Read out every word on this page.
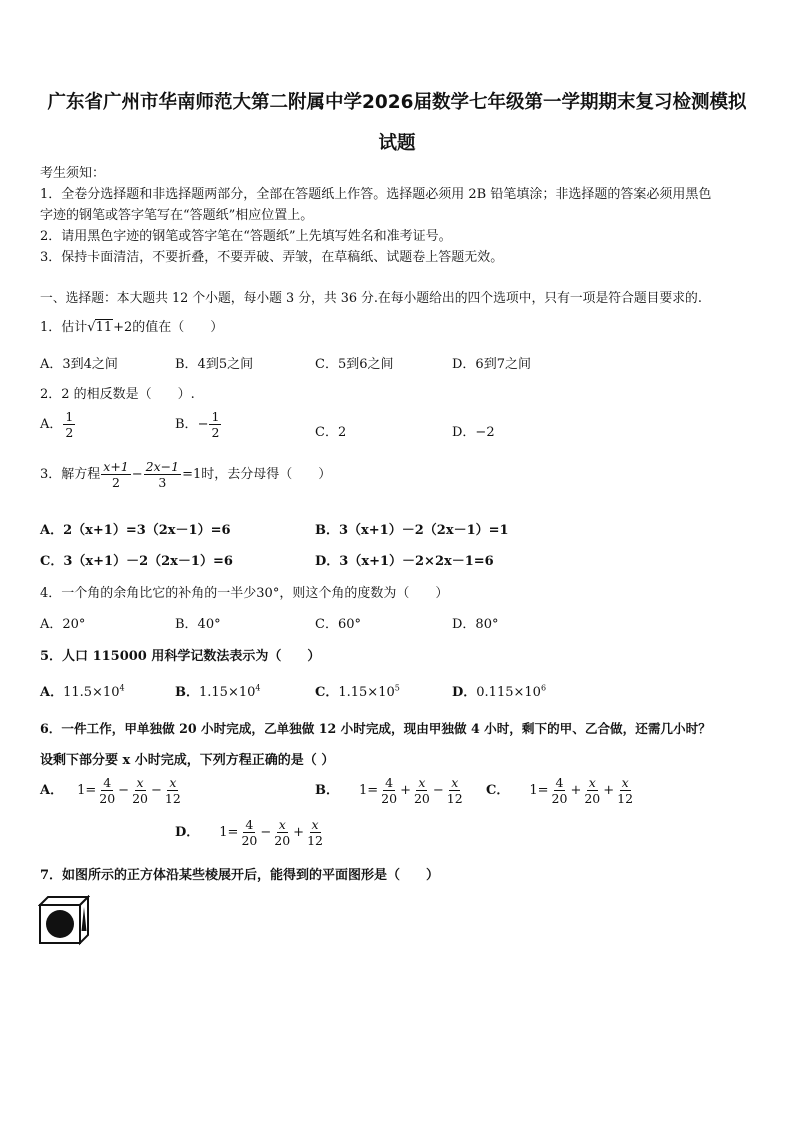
广东省广州市华南师范大第二附属中学2026届数学七年级第一学期期末复习检测模拟
试题
考生须知：
1．全卷分选择题和非选择题两部分，全部在答题纸上作答。选择题必须用 2B 铅笔填涂；非选择题的答案必须用黑色
字迹的钢笔或答字笔写在“答题纸”相应位置上。
2．请用黑色字迹的钢笔或答字笔在“答题纸”上先填写姓名和准考证号。
3．保持卡面清洁，不要折叠，不要弄破、弄皱，在草稿纸、试题卷上答题无效。
一、选择题：本大题共 12 个小题，每小题 3 分，共 36 分.在每小题给出的四个选项中，只有一项是符合题目要求的.
1．估计√11+2的值在（　　）
A．3到4之间	B．4到5之间	C．5到6之间	D．6到7之间
2．2 的相反数是（　　）.
A． $\frac{1}{2}$	B．− $\frac{1}{2}$	C．2	D．−2
3．解方程 $\frac{x+1}{2} - \frac{2x-1}{3} =1$时，去分母得（　　）
A．2（x+1）=3（2x－1）=6	B．3（x+1）－2（2x－1）=1
C．3（x+1）－2（2x－1）=6	D．3（x+1）－2×2x－1=6
4．一个角的余角比它的补角的一半少30°，则这个角的度数为（　　）
A．20°	B．40°	C．60°	D．80°
5．人口 115000 用科学记数法表示为（　　）
A．$11.5\times 10^4$	B．$1.15\times 10^4$	C．$1.15\times 10^5$	D．$0.115\times 10^6$
6．一件工作，甲单独做 20 小时完成，乙单独做 12 小时完成，现由甲独做 4 小时，剩下的甲、乙合做，还需几小时？
设剩下部分要 x 小时完成，下列方程正确的是（ ）
A． $1= \frac{4}{20} - \frac{x}{20} - \frac{x}{12}$	B． $1= \frac{4}{20} + \frac{x}{20} - \frac{x}{12}$ C． $1= \frac{4}{20} + \frac{x}{20} + \frac{x}{12}$
D． $1= \frac{4}{20} - \frac{x}{20} + \frac{x}{12}$
7．如图所示的正方体沿某些棱展开后，能得到的平面图形是（　　）
